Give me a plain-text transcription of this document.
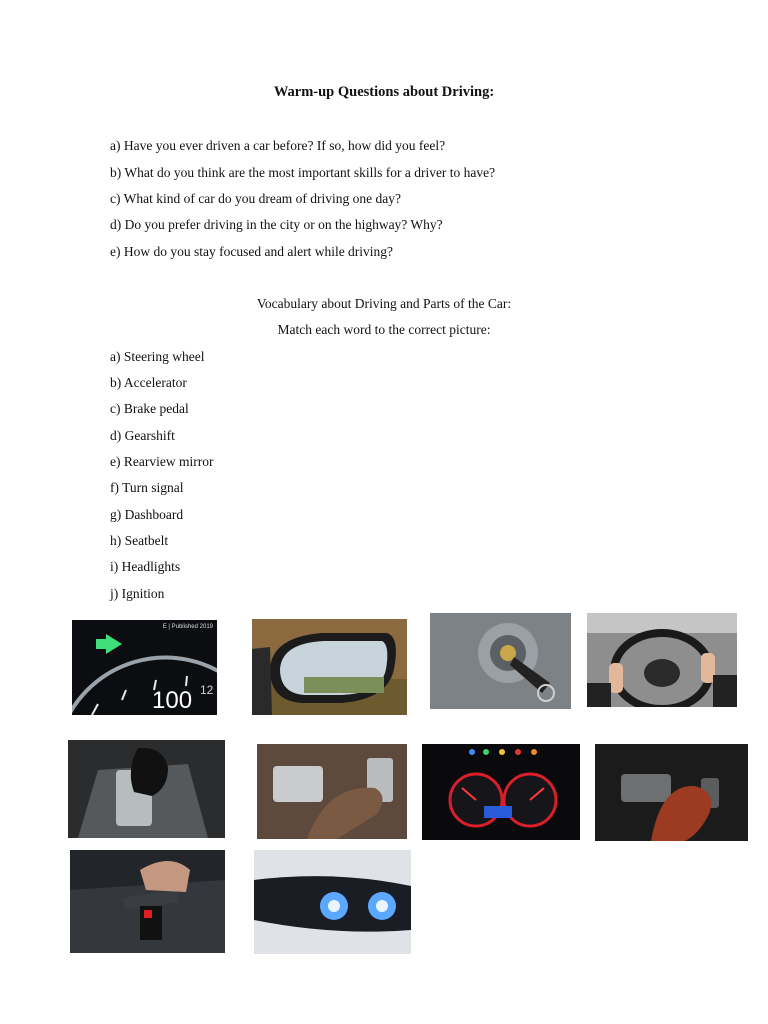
Warm-up Questions about Driving:
a) Have you ever driven a car before? If so, how did you feel?
b) What do you think are the most important skills for a driver to have?
c) What kind of car do you dream of driving one day?
d) Do you prefer driving in the city or on the highway? Why?
e) How do you stay focused and alert while driving?
Vocabulary about Driving and Parts of the Car:
Match each word to the correct picture:
a) Steering wheel
b) Accelerator
c) Brake pedal
d) Gearshift
e) Rearview mirror
f) Turn signal
g) Dashboard
h) Seatbelt
i) Headlights
j) Ignition
100 12
E | Published 2019
